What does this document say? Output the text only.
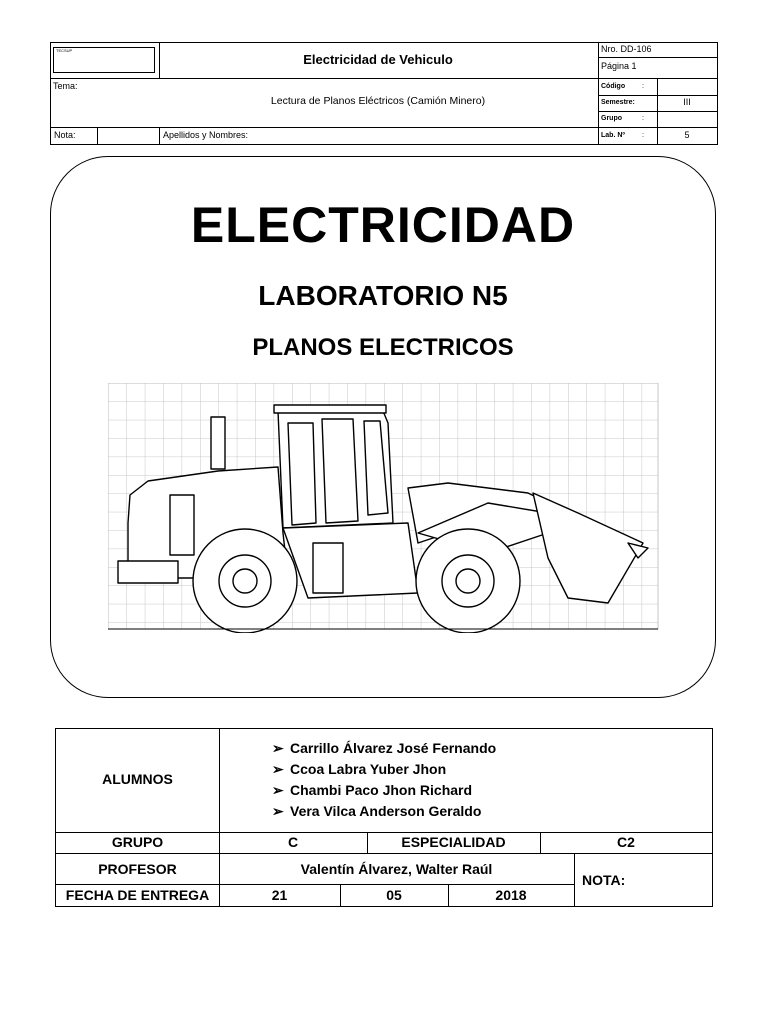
TECSUP
Electricidad de Vehiculo
Nro. DD-106
Página 1
Tema:
Lectura de Planos Eléctricos (Camión Minero)
Código :
Semestre:	III
Grupo	:
Nota:	Apellidos y Nombres:	Lab. Nº :	5
ELECTRICIDAD
LABORATORIO N5
PLANOS ELECTRICOS
ALUMNOS
➢ Carrillo Álvarez José Fernando
➢ Ccoa Labra Yuber Jhon
➢ Chambi Paco Jhon Richard
➢ Vera Vilca Anderson Geraldo
GRUPO	C	ESPECIALIDAD	C2
PROFESOR	Valentín Álvarez, Walter Raúl
NOTA:
FECHA DE ENTREGA	21	05	2018
